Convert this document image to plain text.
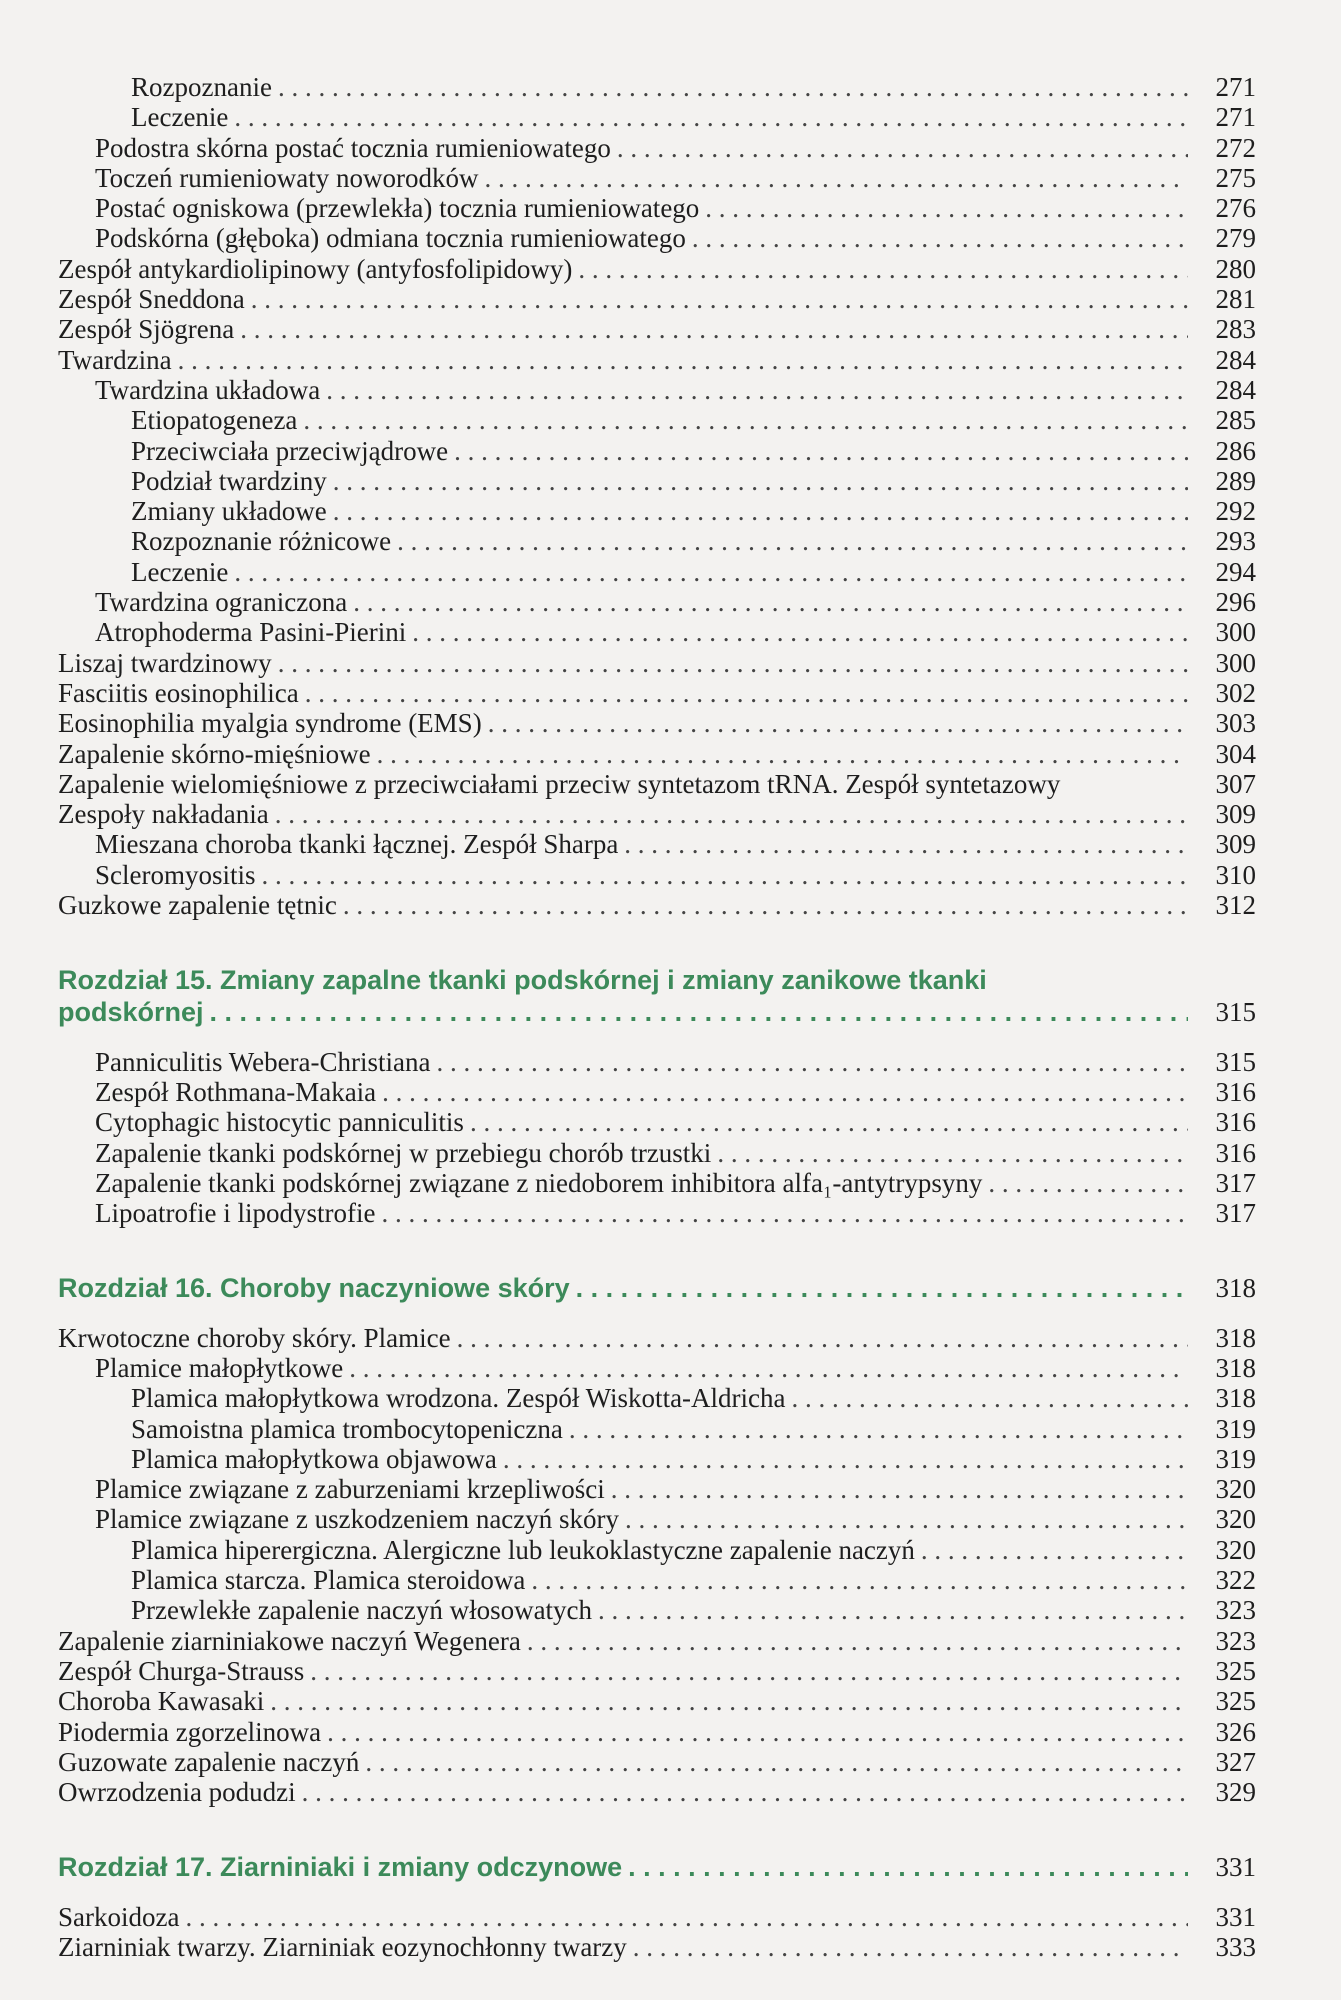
Rozpoznanie . . .	271
Leczenie . . .	271
Podostra skórna postać tocznia rumieniowatego . . .	272
Toczeń rumieniowaty noworodków . . .	275
Postać ogniskowa (przewlekła) tocznia rumieniowatego . . .	276
Podskórna (głęboka) odmiana tocznia rumieniowatego . . .	279
Zespół antykardiolipinowy (antyfosfolipidowy) . . .	280
Zespół Sneddona . . .	281
Zespół Sjögrena . . .	283
Twardzina . . .	284
Twardzina układowa . . .	284
Etiopatogeneza . . .	285
Przeciwciała przeciwjądrowe . . .	286
Podział twardziny . . .	289
Zmiany układowe . . .	292
Rozpoznanie różnicowe . . .	293
Leczenie . . .	294
Twardzina ograniczona . . .	296
Atrophoderma Pasini-Pierini . . .	300
Liszaj twardzinowy . . .	300
Fasciitis eosinophilica . . .	302
Eosinophilia myalgia syndrome (EMS) . . .	303
Zapalenie skórno-mięśniowe . . .	304
Zapalenie wielomięśniowe z przeciwciałami przeciw syntetazom tRNA. Zespół syntetazowy	307
Zespoły nakładania . . .	309
Mieszana choroba tkanki łącznej. Zespół Sharpa . . .	309
Scleromyositis . . .	310
Guzkowe zapalenie tętnic . . .	312
Rozdział 15. Zmiany zapalne tkanki podskórnej i zmiany zanikowe tkanki
podskórnej . . .	315
Panniculitis Webera-Christiana . . .	315
Zespół Rothmana-Makaia . . .	316
Cytophagic histocytic panniculitis . . .	316
Zapalenie tkanki podskórnej w przebiegu chorób trzustki . . .	316
Zapalenie tkanki podskórnej związane z niedoborem inhibitora alfa₁-antytrypsyny . . .	317
Lipoatrofie i lipodystrofie . . .	317
Rozdział 16. Choroby naczyniowe skóry . . .	318
Krwotoczne choroby skóry. Plamice . . .	318
Plamice małopłytkowe . . .	318
Plamica małopłytkowa wrodzona. Zespół Wiskotta-Aldricha . . .	318
Samoistna plamica trombocytopeniczna . . .	319
Plamica małopłytkowa objawowa . . .	319
Plamice związane z zaburzeniami krzepliwości . . .	320
Plamice związane z uszkodzeniem naczyń skóry . . .	320
Plamica hiperergiczna. Alergiczne lub leukoklastyczne zapalenie naczyń . . .	320
Plamica starcza. Plamica steroidowa . . .	322
Przewlekłe zapalenie naczyń włosowatych . . .	323
Zapalenie ziarniniakowe naczyń Wegenera . . .	323
Zespół Churga-Strauss . . .	325
Choroba Kawasaki . . .	325
Piodermia zgorzelinowa . . .	326
Guzowate zapalenie naczyń . . .	327
Owrzodzenia podudzi . . .	329
Rozdział 17. Ziarniniaki i zmiany odczynowe . . .	331
Sarkoidoza . . .	331
Ziarniniak twarzy. Ziarniniak eozynochłonny twarzy . . .	333
